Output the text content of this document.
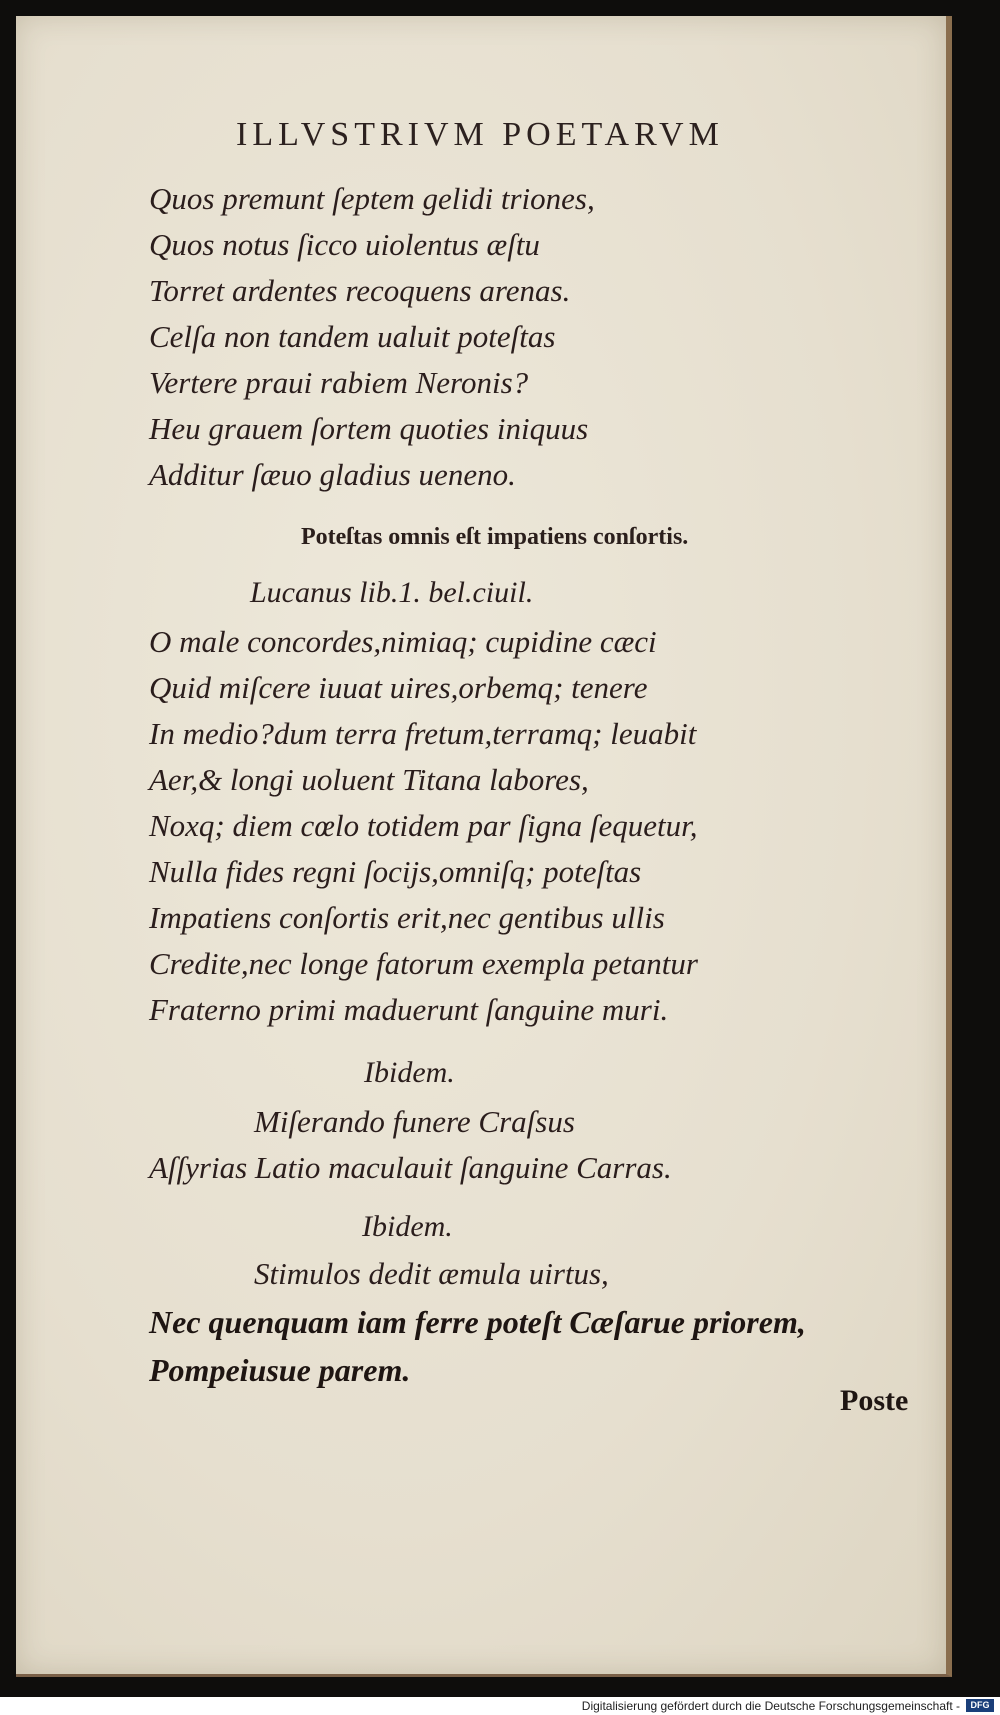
ILLVSTRIVM POETARVM
Quos premunt ſeptem gelidi triones,
Quos notus ſicco uiolentus æſtu
Torret ardentes recoquens arenas.
Celſa non tandem ualuit poteſtas
Vertere praui rabiem Neronis?
Heu grauem ſortem quoties iniquus
Additur ſæuo gladius ueneno.
Poteſtas omnis eſt impatiens conſortis.
Lucanus lib.1. bel.ciuil.
O male concordes,nimiaq; cupidine cæci
Quid miſcere iuuat uires,orbemq; tenere
In medio?dum terra fretum,terramq; leuabit
Aer,& longi uoluent Titana labores,
Noxq; diem cœlo totidem par ſigna ſequetur,
Nulla fides regni ſocijs,omniſq; poteſtas
Impatiens conſortis erit,nec gentibus ullis
Credite,nec longe fatorum exempla petantur
Fraterno primi maduerunt ſanguine muri.
Ibidem.
Miſerando funere Craſsus
Aſſyrias Latio maculauit ſanguine Carras.
Ibidem.
Stimulos dedit æmula uirtus,
Nec quenquam iam ferre poteſt Cæſarue priorem,
Pompeiusue parem.
Poste
Digitalisierung gefördert durch die Deutsche Forschungsgemeinschaft -	DFG
